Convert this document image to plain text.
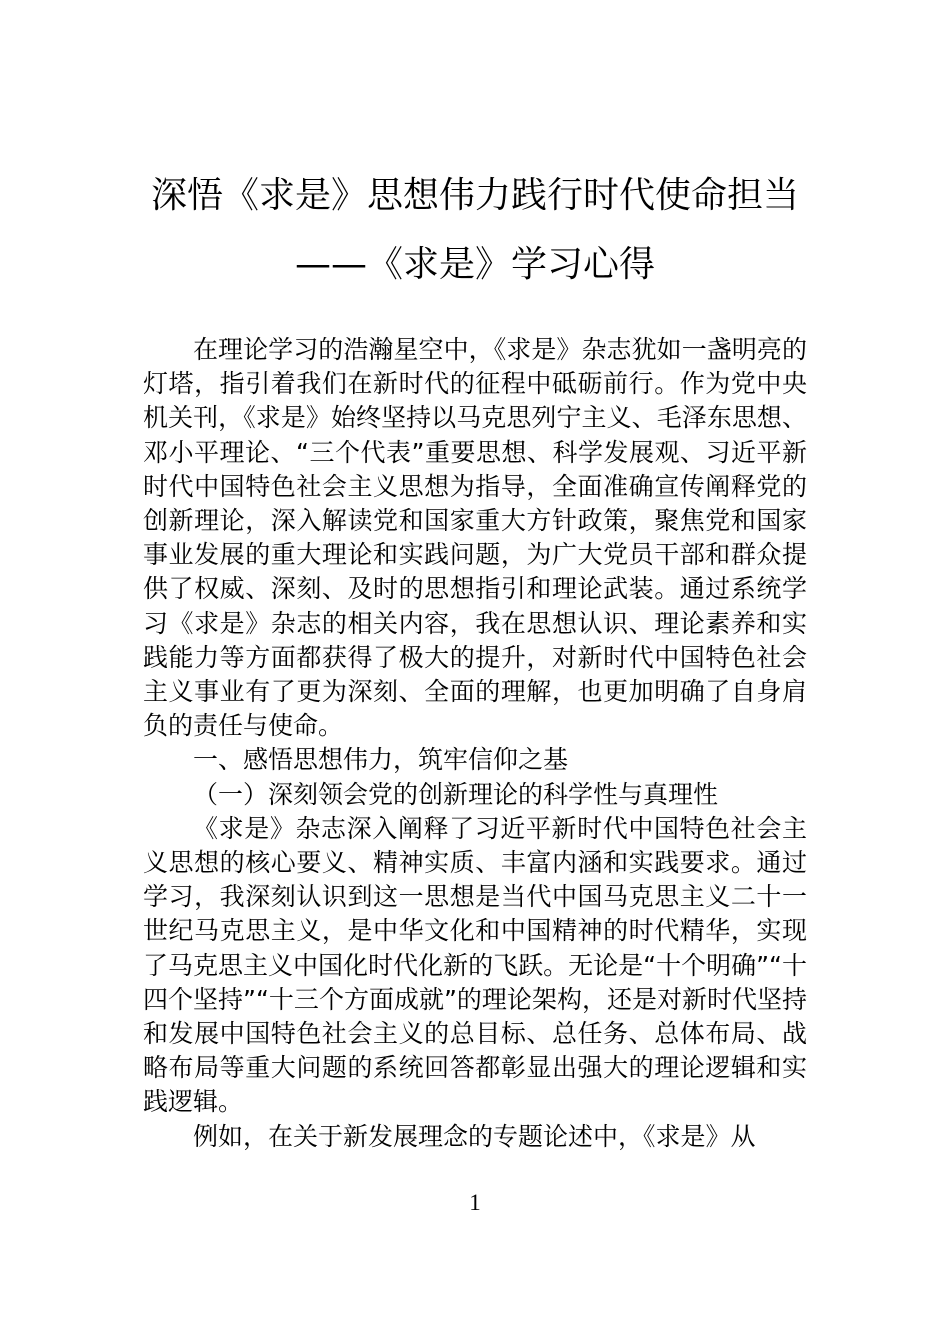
深悟《求是》思想伟力践行时代使命担当
——《求是》学习心得

在理论学习的浩瀚星空中，《求是》杂志犹如一盏明亮的灯塔，指引着我们在新时代的征程中砥砺前行。作为党中央机关刊，《求是》始终坚持以马克思列宁主义、毛泽东思想、邓小平理论、“三个代表”重要思想、科学发展观、习近平新时代中国特色社会主义思想为指导，全面准确宣传阐释党的创新理论，深入解读党和国家重大方针政策，聚焦党和国家事业发展的重大理论和实践问题，为广大党员干部和群众提供了权威、深刻、及时的思想指引和理论武装。通过系统学习《求是》杂志的相关内容，我在思想认识、理论素养和实践能力等方面都获得了极大的提升，对新时代中国特色社会主义事业有了更为深刻、全面的理解，也更加明确了自身肩负的责任与使命。

一、感悟思想伟力，筑牢信仰之基

（一）深刻领会党的创新理论的科学性与真理性

《求是》杂志深入阐释了习近平新时代中国特色社会主义思想的核心要义、精神实质、丰富内涵和实践要求。通过学习，我深刻认识到这一思想是当代中国马克思主义二十一世纪马克思主义，是中华文化和中国精神的时代精华，实现了马克思主义中国化时代化新的飞跃。无论是“十个明确”“十四个坚持”“十三个方面成就”的理论架构，还是对新时代坚持和发展中国特色社会主义的总目标、总任务、总体布局、战略布局等重大问题的系统回答都彰显出强大的理论逻辑和实践逻辑。

例如，在关于新发展理念的专题论述中，《求是》从

1
